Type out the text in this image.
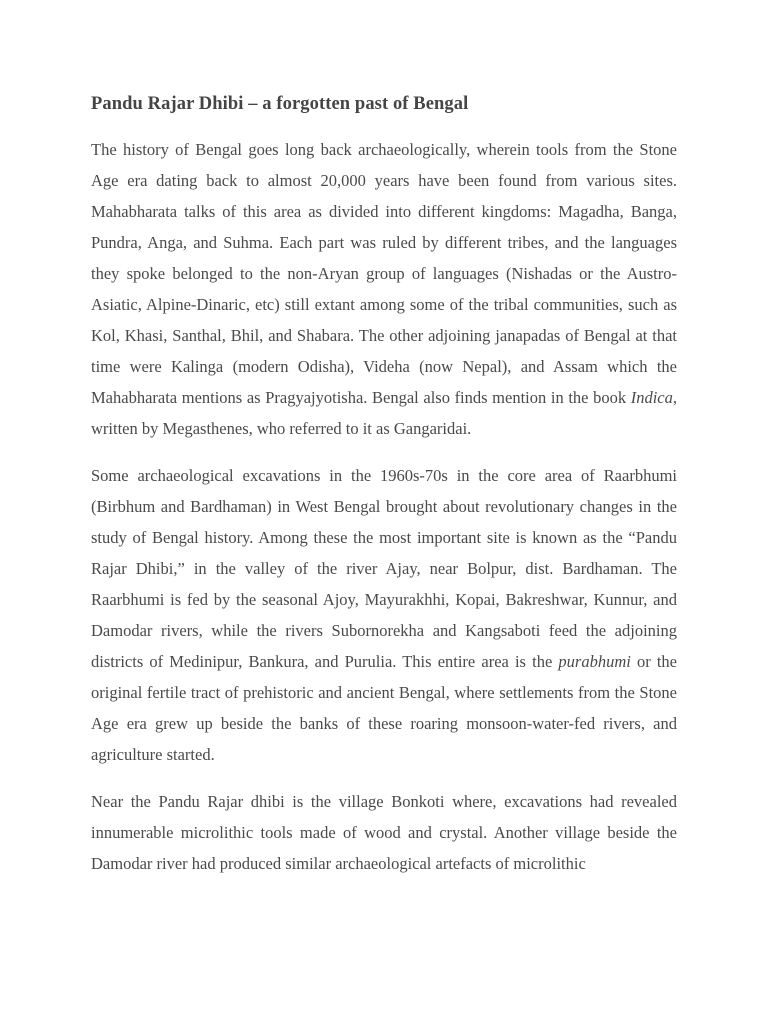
Pandu Rajar Dhibi – a forgotten past of Bengal

The history of Bengal goes long back archaeologically, wherein tools from the Stone Age era dating back to almost 20,000 years have been found from various sites. Mahabharata talks of this area as divided into different kingdoms: Magadha, Banga, Pundra, Anga, and Suhma. Each part was ruled by different tribes, and the languages they spoke belonged to the non-Aryan group of languages (Nishadas or the Austro-Asiatic, Alpine-Dinaric, etc) still extant among some of the tribal communities, such as Kol, Khasi, Santhal, Bhil, and Shabara. The other adjoining janapadas of Bengal at that time were Kalinga (modern Odisha), Videha (now Nepal), and Assam which the Mahabharata mentions as Pragyajyotisha. Bengal also finds mention in the book Indica, written by Megasthenes, who referred to it as Gangaridai.

Some archaeological excavations in the 1960s-70s in the core area of Raarbhumi (Birbhum and Bardhaman) in West Bengal brought about revolutionary changes in the study of Bengal history. Among these the most important site is known as the “Pandu Rajar Dhibi,” in the valley of the river Ajay, near Bolpur, dist. Bardhaman. The Raarbhumi is fed by the seasonal Ajoy, Mayurakhhi, Kopai, Bakreshwar, Kunnur, and Damodar rivers, while the rivers Subornorekha and Kangsaboti feed the adjoining districts of Medinipur, Bankura, and Purulia. This entire area is the purabhumi or the original fertile tract of prehistoric and ancient Bengal, where settlements from the Stone Age era grew up beside the banks of these roaring monsoon-water-fed rivers, and agriculture started.

Near the Pandu Rajar dhibi is the village Bonkoti where, excavations had revealed innumerable microlithic tools made of wood and crystal. Another village beside the Damodar river had produced similar archaeological artefacts of microlithic
